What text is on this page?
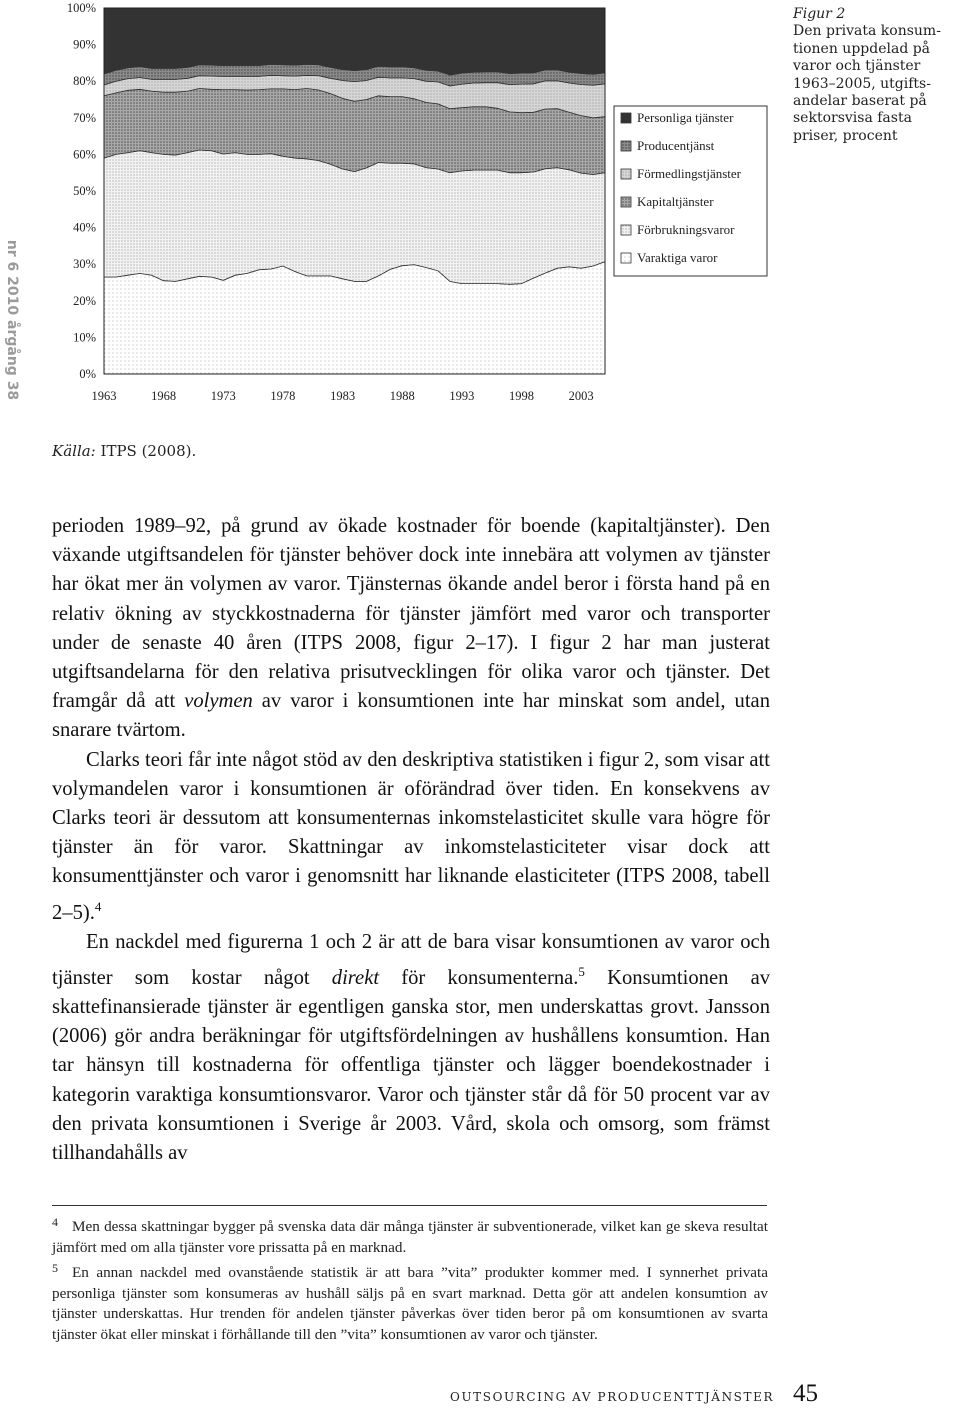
nr 6 2010 årgång 38	0%
10%
20%
30%
40%
50%
60%
70%
80%
90%
100%
1963	1968	1973	1978	1983	1988	1993	1998	2003
Personliga tjänster
Producentjänst
Förmedlingstjänster
Kapitaltjänster
Förbrukningsvaror
Varaktiga varor
Figur 2
Den privata konsum-
tionen uppdelad på
varor och tjänster
1963–2005, utgifts-
andelar baserat på
sektorsvisa fasta
priser, procent
Källa: ITPS (2008).

perioden 1989–92, på grund av ökade kostnader för boende (kapitaltjänster). Den växande utgiftsandelen för tjänster behöver dock inte innebära att volymen av tjänster har ökat mer än volymen av varor. Tjänsternas ökande andel beror i första hand på en relativ ökning av styckkostnaderna för tjänster jämfört med varor och transporter under de senaste 40 åren (ITPS 2008, figur 2–17). I figur 2 har man justerat utgiftsandelarna för den relativa prisutvecklingen för olika varor och tjänster. Det framgår då att volymen av varor i konsumtionen inte har minskat som andel, utan snarare tvärtom.

Clarks teori får inte något stöd av den deskriptiva statistiken i figur 2, som visar att volymandelen varor i konsumtionen är oförändrad över tiden. En konsekvens av Clarks teori är dessutom att konsumenternas inkomstelasticitet skulle vara högre för tjänster än för varor. Skattningar av inkomstelasticiteter visar dock att konsumenttjänster och varor i genomsnitt har liknande elasticiteter (ITPS 2008, tabell 2–5).$^4$

En nackdel med figurerna 1 och 2 är att de bara visar konsumtionen av varor och tjänster som kostar något direkt för konsumenterna.$^5$ Konsumtionen av skattefinansierade tjänster är egentligen ganska stor, men underskattas grovt. Jansson (2006) gör andra beräkningar för utgiftsfördelningen av hushållens konsumtion. Han tar hänsyn till kostnaderna för offentliga tjänster och lägger boendekostnader i kategorin varaktiga konsumtionsvaror. Varor och tjänster står då för 50 procent var av den privata konsumtionen i Sverige år 2003. Vård, skola och omsorg, som främst tillhandahålls av

$^4$ Men dessa skattningar bygger på svenska data där många tjänster är subventionerade, vilket kan ge skeva resultat jämfört med om alla tjänster vore prissatta på en marknad.

$^5$ En annan nackdel med ovanstående statistik är att bara ”vita” produkter kommer med. I synnerhet privata personliga tjänster som konsumeras av hushåll säljs på en svart marknad. Detta gör att andelen konsumtion av tjänster underskattas. Hur trenden för andelen tjänster påverkas över tiden beror på om konsumtionen av svarta tjänster ökat eller minskat i förhållande till den ”vita” konsumtionen av varor och tjänster.

OUTSOURCING AV PRODUCENTTJÄNSTER 45
